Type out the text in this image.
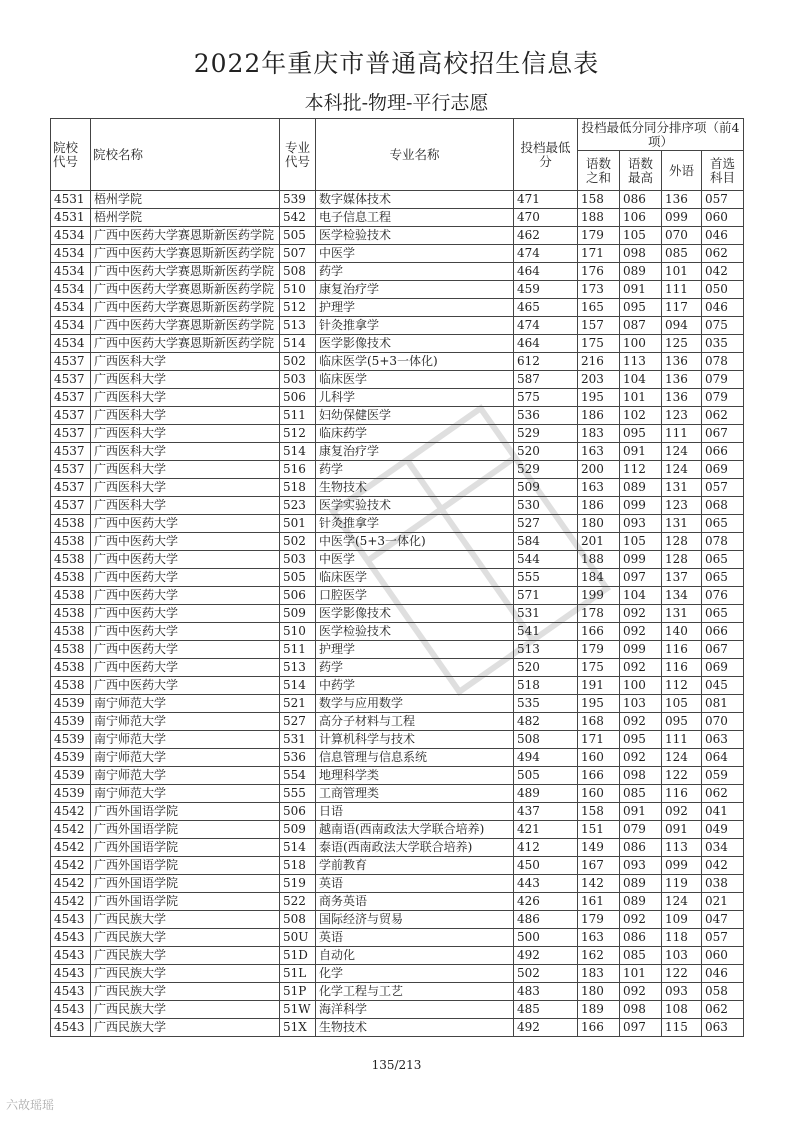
2022年重庆市普通高校招生信息表
本科批-物理-平行志愿
院校代号	院校名称	专业代号	专业名称	投档最低分	投档最低分同分排序项（前4项）			
					语数之和	语数最高	外语	首选科目
4531	梧州学院	539	数字媒体技术	471	158	086	136	057
4531	梧州学院	542	电子信息工程	470	188	106	099	060
4534	广西中医药大学赛恩斯新医药学院	505	医学检验技术	462	179	105	070	046
4534	广西中医药大学赛恩斯新医药学院	507	中医学	474	171	098	085	062
4534	广西中医药大学赛恩斯新医药学院	508	药学	464	176	089	101	042
4534	广西中医药大学赛恩斯新医药学院	510	康复治疗学	459	173	091	111	050
4534	广西中医药大学赛恩斯新医药学院	512	护理学	465	165	095	117	046
4534	广西中医药大学赛恩斯新医药学院	513	针灸推拿学	474	157	087	094	075
4534	广西中医药大学赛恩斯新医药学院	514	医学影像技术	464	175	100	125	035
4537	广西医科大学	502	临床医学(5+3一体化)	612	216	113	136	078
4537	广西医科大学	503	临床医学	587	203	104	136	079
4537	广西医科大学	506	儿科学	575	195	101	136	079
4537	广西医科大学	511	妇幼保健医学	536	186	102	123	062
4537	广西医科大学	512	临床药学	529	183	095	111	067
4537	广西医科大学	514	康复治疗学	520	163	091	124	066
4537	广西医科大学	516	药学	529	200	112	124	069
4537	广西医科大学	518	生物技术	509	163	089	131	057
4537	广西医科大学	523	医学实验技术	530	186	099	123	068
4538	广西中医药大学	501	针灸推拿学	527	180	093	131	065
4538	广西中医药大学	502	中医学(5+3一体化)	584	201	105	128	078
4538	广西中医药大学	503	中医学	544	188	099	128	065
4538	广西中医药大学	505	临床医学	555	184	097	137	065
4538	广西中医药大学	506	口腔医学	571	199	104	134	076
4538	广西中医药大学	509	医学影像技术	531	178	092	131	065
4538	广西中医药大学	510	医学检验技术	541	166	092	140	066
4538	广西中医药大学	511	护理学	513	179	099	116	067
4538	广西中医药大学	513	药学	520	175	092	116	069
4538	广西中医药大学	514	中药学	518	191	100	112	045
4539	南宁师范大学	521	数学与应用数学	535	195	103	105	081
4539	南宁师范大学	527	高分子材料与工程	482	168	092	095	070
4539	南宁师范大学	531	计算机科学与技术	508	171	095	111	063
4539	南宁师范大学	536	信息管理与信息系统	494	160	092	124	064
4539	南宁师范大学	554	地理科学类	505	166	098	122	059
4539	南宁师范大学	555	工商管理类	489	160	085	116	062
4542	广西外国语学院	506	日语	437	158	091	092	041
4542	广西外国语学院	509	越南语(西南政法大学联合培养)	421	151	079	091	049
4542	广西外国语学院	514	泰语(西南政法大学联合培养)	412	149	086	113	034
4542	广西外国语学院	518	学前教育	450	167	093	099	042
4542	广西外国语学院	519	英语	443	142	089	119	038
4542	广西外国语学院	522	商务英语	426	161	089	124	021
4543	广西民族大学	508	国际经济与贸易	486	179	092	109	047
4543	广西民族大学	50U	英语	500	163	086	118	057
4543	广西民族大学	51D	自动化	492	162	085	103	060
4543	广西民族大学	51L	化学	502	183	101	122	046
4543	广西民族大学	51P	化学工程与工艺	483	180	092	093	058
4543	广西民族大学	51W	海洋科学	485	189	098	108	062
4543	广西民族大学	51X	生物技术	492	166	097	115	063
135/213
六故瑶瑶
